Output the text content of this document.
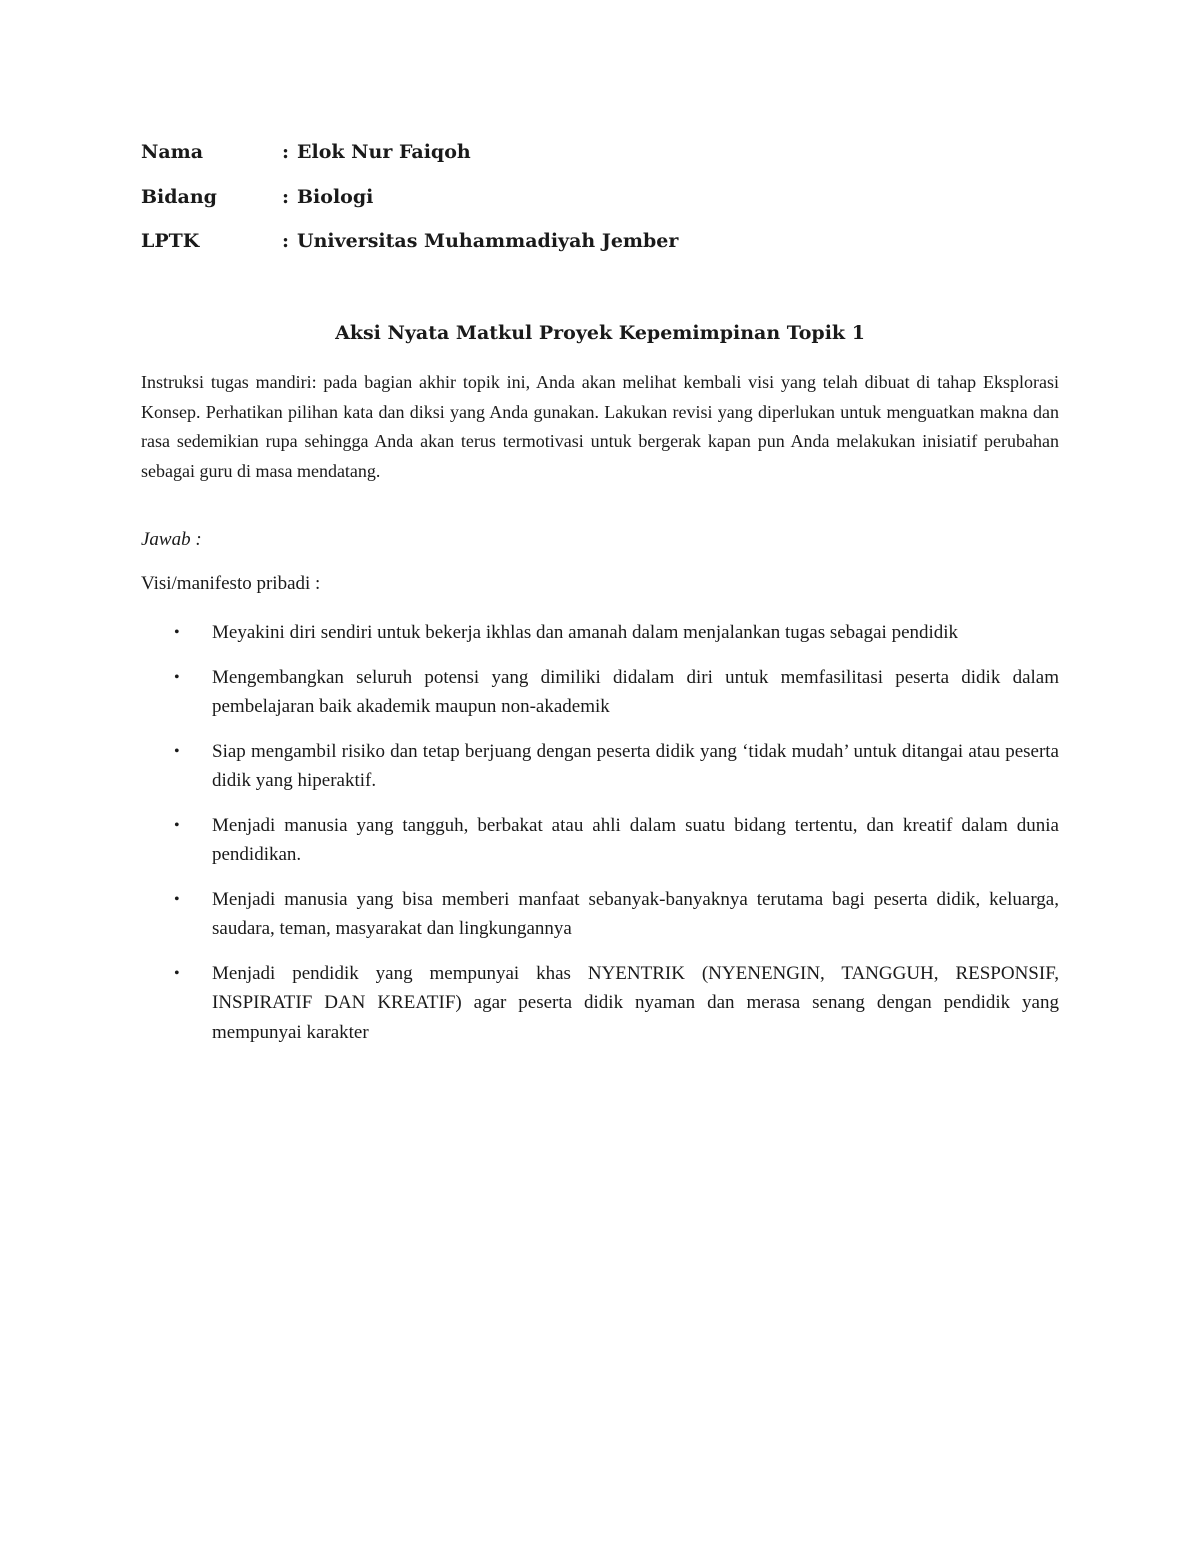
Nama	: Elok Nur Faiqoh
Bidang	: Biologi
LPTK	: Universitas Muhammadiyah Jember
Aksi Nyata Matkul Proyek Kepemimpinan Topik 1
Instruksi tugas mandiri: pada bagian akhir topik ini, Anda akan melihat kembali visi yang telah dibuat di tahap Eksplorasi Konsep. Perhatikan pilihan kata dan diksi yang Anda gunakan. Lakukan revisi yang diperlukan untuk menguatkan makna dan rasa sedemikian rupa sehingga Anda akan terus termotivasi untuk bergerak kapan pun Anda melakukan inisiatif perubahan sebagai guru di masa mendatang.
Jawab :
Visi/manifesto pribadi :
• Meyakini diri sendiri untuk bekerja ikhlas dan amanah dalam menjalankan tugas sebagai pendidik
• Mengembangkan seluruh potensi yang dimiliki didalam diri untuk memfasilitasi peserta didik dalam pembelajaran baik akademik maupun non-akademik
• Siap mengambil risiko dan tetap berjuang dengan peserta didik yang ‘tidak mudah’ untuk ditangai atau peserta didik yang hiperaktif.
• Menjadi manusia yang tangguh, berbakat atau ahli dalam suatu bidang tertentu, dan kreatif dalam dunia pendidikan.
• Menjadi manusia yang bisa memberi manfaat sebanyak-banyaknya terutama bagi peserta didik, keluarga, saudara, teman, masyarakat dan lingkungannya
• Menjadi pendidik yang mempunyai khas NYENTRIK (NYENENGIN, TANGGUH, RESPONSIF, INSPIRATIF DAN KREATIF) agar peserta didik nyaman dan merasa senang dengan pendidik yang mempunyai karakter
